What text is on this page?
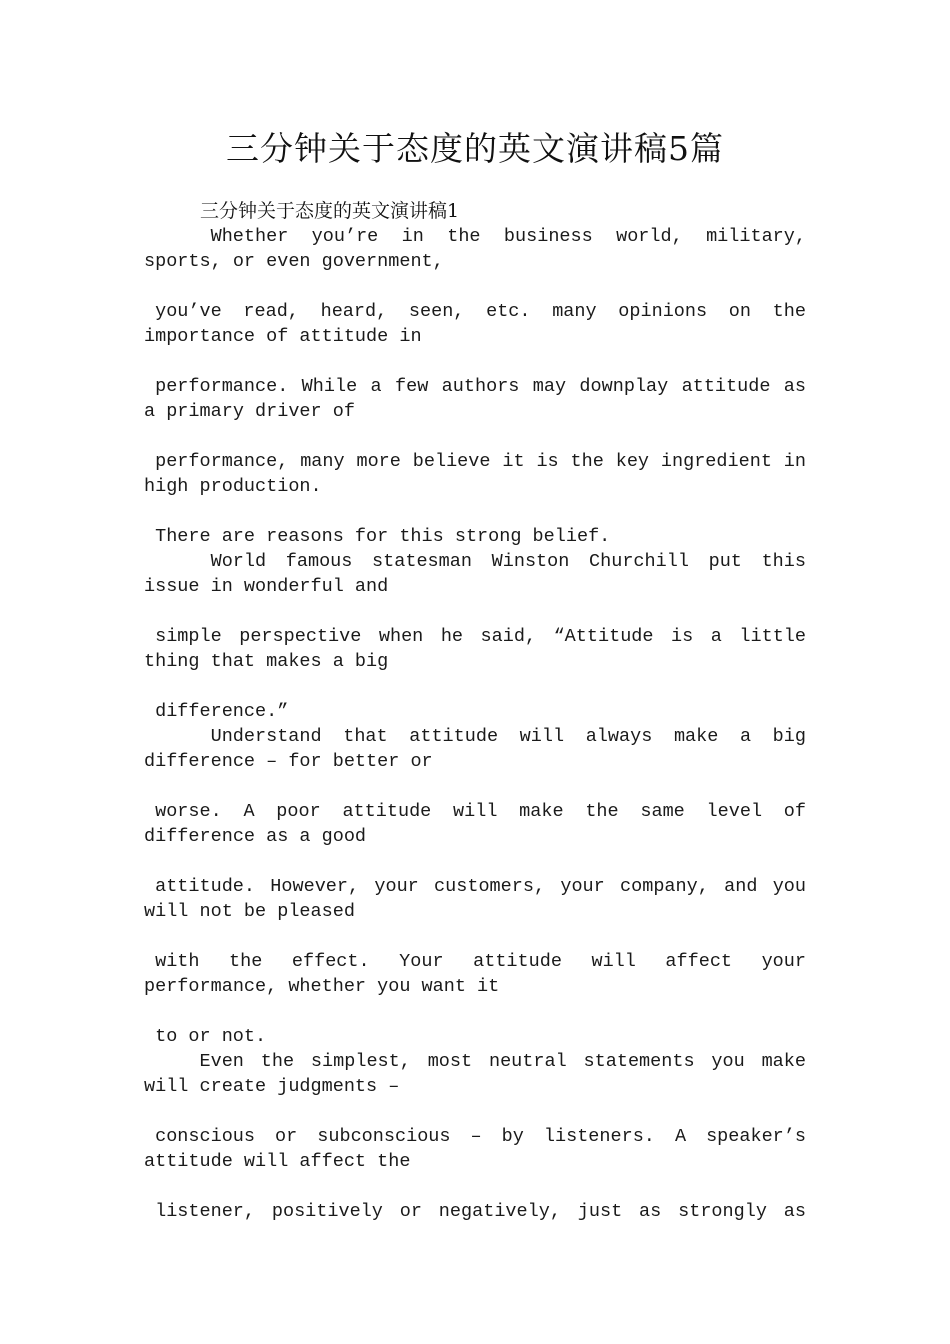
三分钟关于态度的英文演讲稿5篇
三分钟关于态度的英文演讲稿1
Whether you’re in the business world, military,
sports, or even government,
you’ve read, heard, seen, etc. many opinions on the
importance of attitude in
performance. While a few authors may downplay attitude as
a primary driver of
performance, many more believe it is the key ingredient in
high production.
There are reasons for this strong belief.
World famous statesman Winston Churchill put this
issue in wonderful and
simple perspective when he said, “Attitude is a little
thing that makes a big
difference.”
Understand that attitude will always make a big
difference – for better or
worse. A poor attitude will make the same level of
difference as a good
attitude. However, your customers, your company, and you
will not be pleased
with the effect. Your attitude will affect your
performance, whether you want it
to or not.
Even the simplest, most neutral statements you make
will create judgments –
conscious or subconscious – by listeners. A speaker’s
attitude will affect the
listener, positively or negatively, just as strongly as
